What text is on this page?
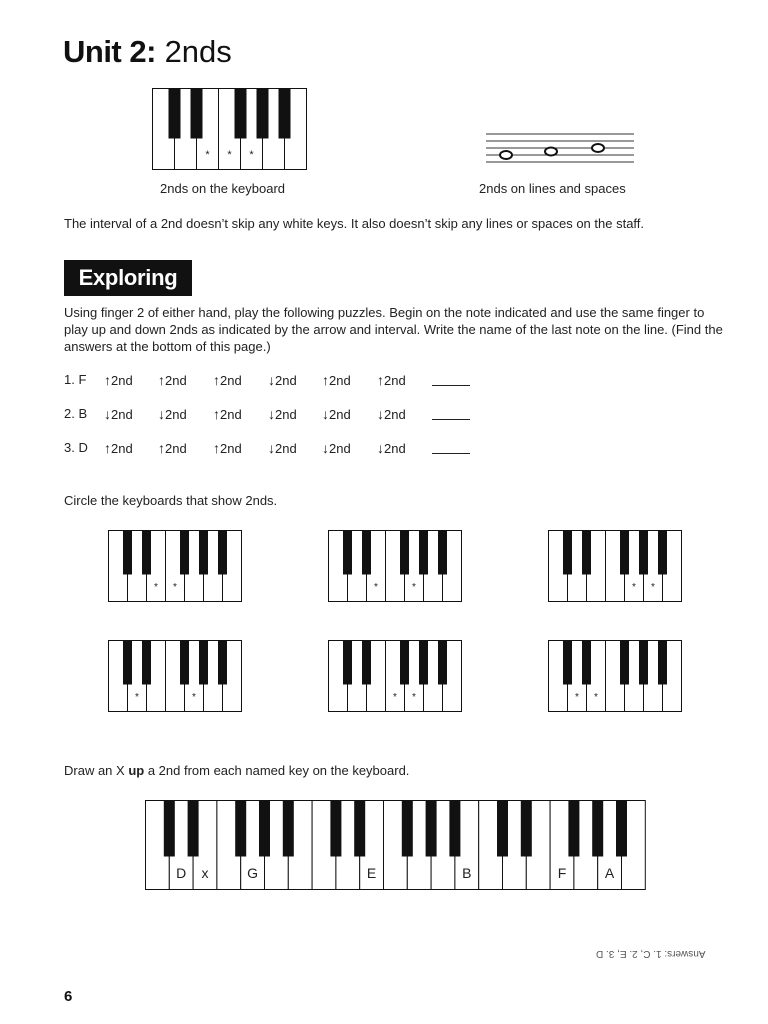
Unit 2: 2nds
* * *
2nds on the keyboard	2nds on lines and spaces
The interval of a 2nd doesn’t skip any white keys. It also doesn’t skip any lines or spaces on the staff.
Exploring
Using finger 2 of either hand, play the following puzzles. Begin on the note indicated and use the same finger to play up and down 2nds as indicated by the arrow and interval. Write the name of the last note on the line. (Find the answers at the bottom of this page.)
1. F	↑2nd ↑2nd ↑2nd ↓2nd ↑2nd ↑2nd
2. B	↓2nd ↓2nd ↑2nd ↓2nd ↓2nd ↓2nd
3. D	↑2nd ↑2nd ↑2nd ↓2nd ↓2nd ↓2nd
Circle the keyboards that show 2nds.
* *	*	*	* *
*	*	* *	* *
Draw an X up a 2nd from each named key on the keyboard.
D x	G	E	B	F	A
Answers: 1. C, 2. E, 3. D
6
